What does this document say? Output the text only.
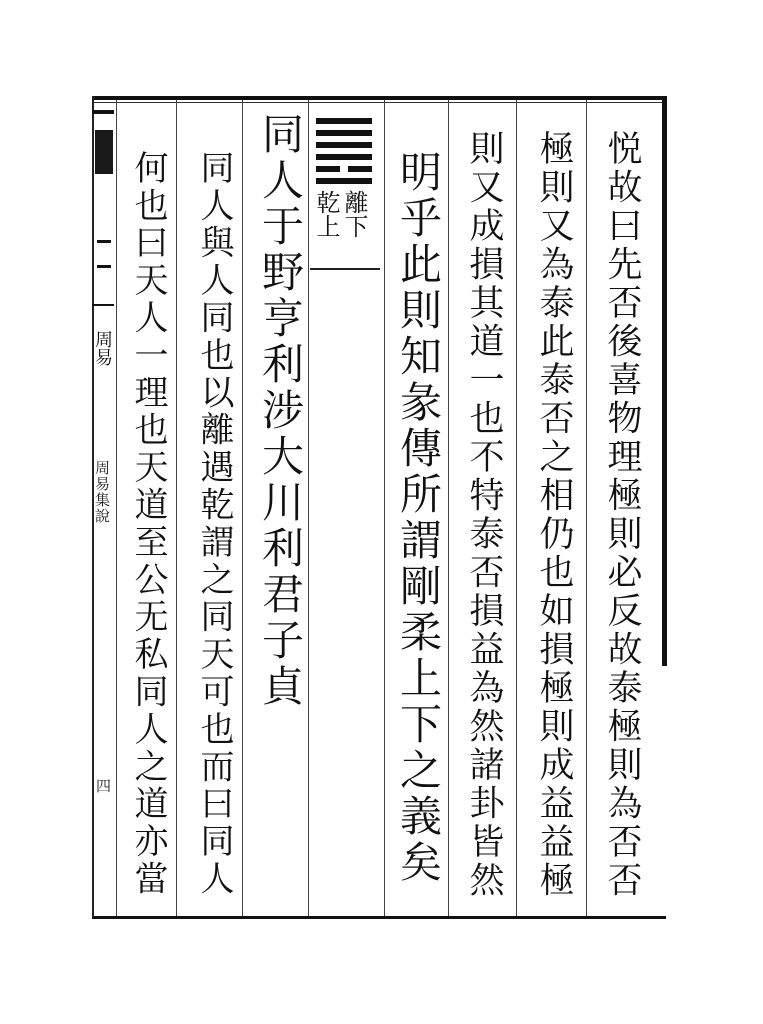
周易
周易集說
四	悦故曰先否後喜物理極則必反故泰極則為否否
極則又為泰此泰否之相仍也如損極則成益益極
則又成損其道一也不特泰否損益為然諸卦皆然
明乎此則知彖傳所謂剛柔上下之義矣
離下
乾上
同人于野亨利涉大川利君子貞
同人與人同也以離遇乾謂之同天可也而曰同人
何也曰天人一理也天道至公无私同人之道亦當
